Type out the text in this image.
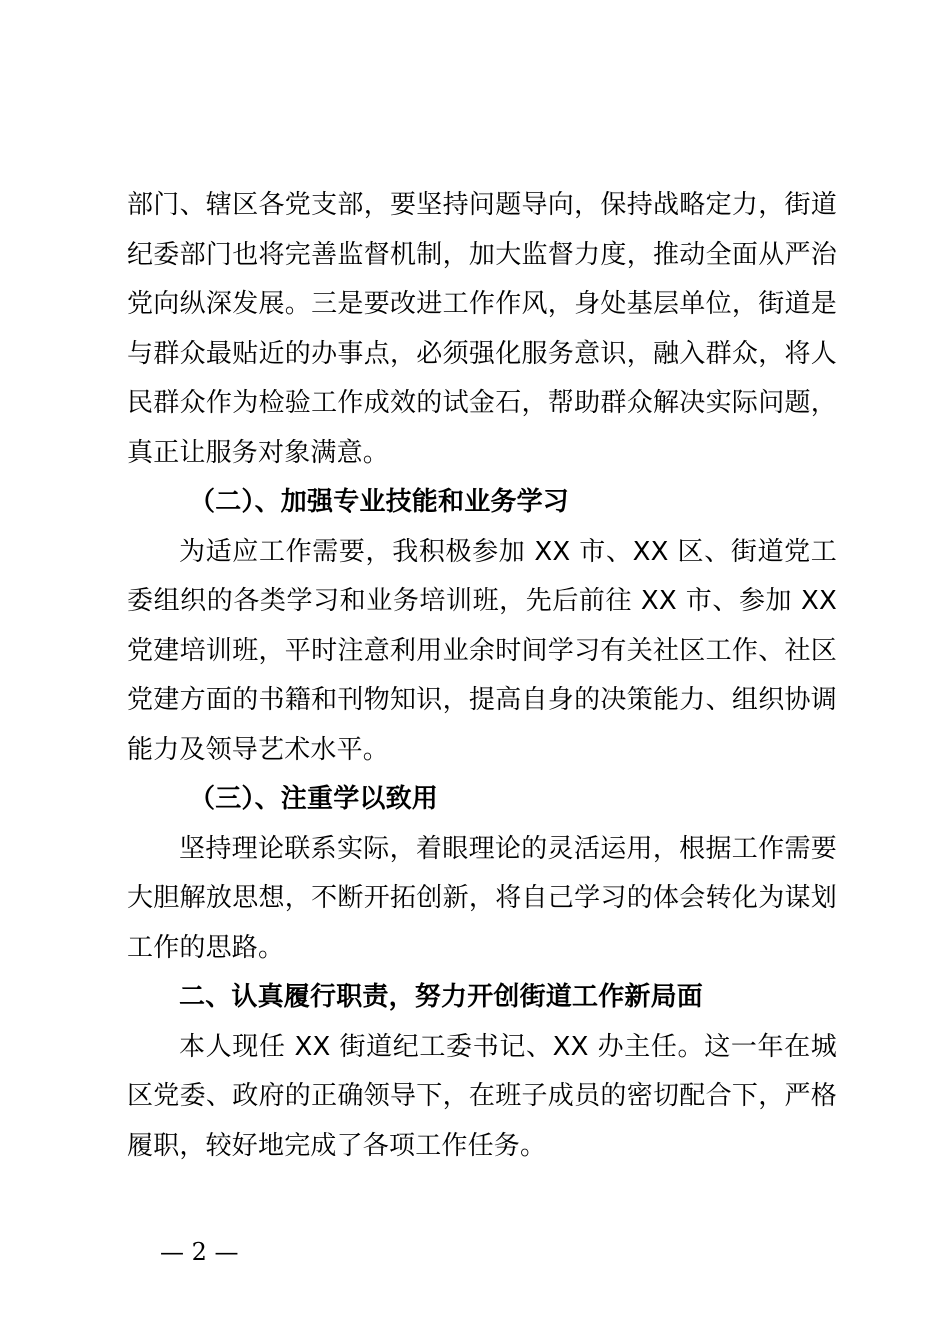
部门、辖区各党支部，要坚持问题导向，保持战略定力，街道纪委部门也将完善监督机制，加大监督力度，推动全面从严治党向纵深发展。三是要改进工作作风，身处基层单位，街道是与群众最贴近的办事点，必须强化服务意识，融入群众，将人民群众作为检验工作成效的试金石，帮助群众解决实际问题，真正让服务对象满意。

（二）、加强专业技能和业务学习

为适应工作需要，我积极参加 XX 市、XX 区、街道党工委组织的各类学习和业务培训班，先后前往 XX 市、参加 XX 党建培训班，平时注意利用业余时间学习有关社区工作、社区党建方面的书籍和刊物知识，提高自身的决策能力、组织协调能力及领导艺术水平。

（三）、注重学以致用

坚持理论联系实际，着眼理论的灵活运用，根据工作需要大胆解放思想，不断开拓创新，将自己学习的体会转化为谋划工作的思路。

二、认真履行职责，努力开创街道工作新局面

本人现任 XX 街道纪工委书记、XX 办主任。这一年在城区党委、政府的正确领导下，在班子成员的密切配合下，严格履职，较好地完成了各项工作任务。

— 2 —
